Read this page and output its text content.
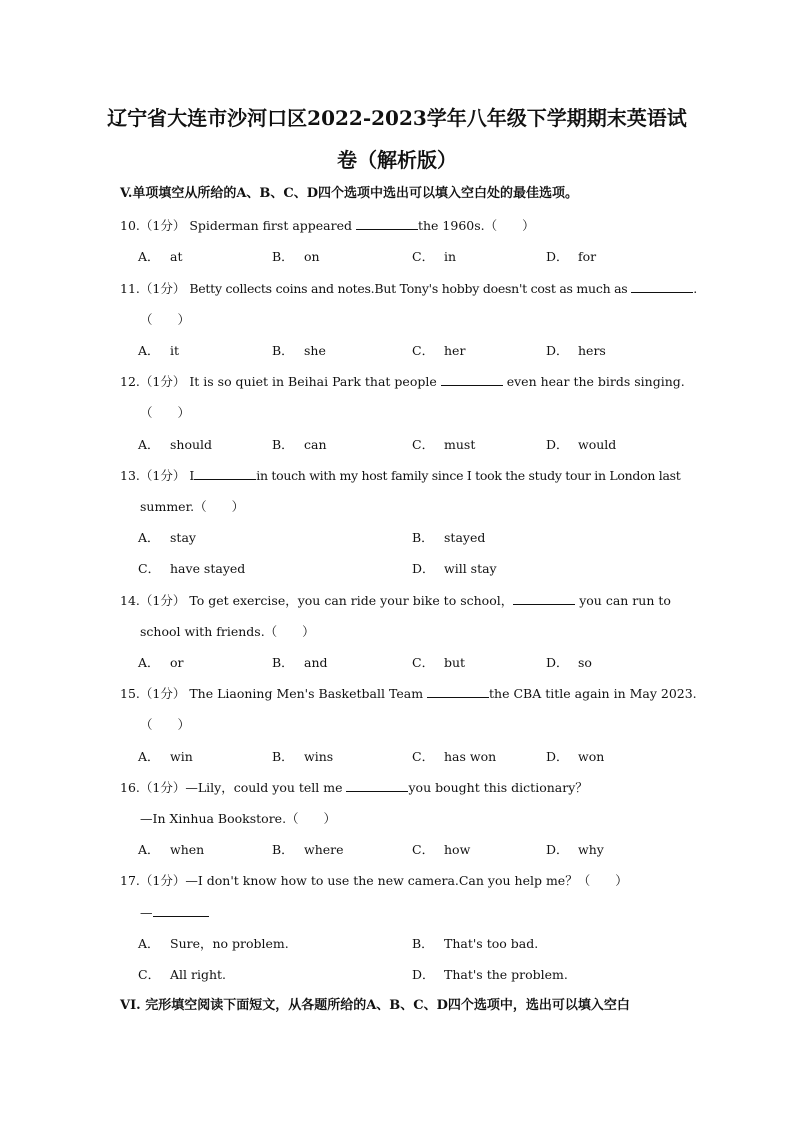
辽宁省大连市沙河口区2022-2023学年八年级下学期期末英语试
卷（解析版）
V.单项填空从所给的A、B、C、D四个选项中选出可以填入空白处的最佳选项。
10.（1分） Spiderman first appeared	the 1960s.（　　）
A． at	B． on	C． in	D． for
11.（1分） Betty collects coins and notes.But Tony's hobby doesn't cost as much as	.
（　　）
A． it	B． she	C． her	D． hers
12.（1分） It is so quiet in Beihai Park that people	even hear the birds singing.
（　　）
A． should	B． can	C． must	D． would
13.（1分） I	in touch with my host family since I took the study tour in London last
summer.（　　）
A． stay	B． stayed
C． have stayed	D． will stay
14.（1分） To get exercise，you can ride your bike to school，	you can run to
school with friends.（　　）
A． or	B． and	C． but	D． so
15.（1分） The Liaoning Men's Basketball Team	the CBA title again in May 2023.
（　　）
A． win	B． wins	C． has won	D． won
16.（1分）—Lily，could you tell me	you bought this dictionary？
—In Xinhua Bookstore.（　　）
A． when	B． where	C． how	D． why
17.（1分）—I don't know how to use the new camera.Can you help me？（　　）
—
A． Sure，no problem.	B． That's too bad.
C． All right.	D． That's the problem.
VI. 完形填空阅读下面短文，从各题所给的A、B、C、D四个选项中，选出可以填入空白
